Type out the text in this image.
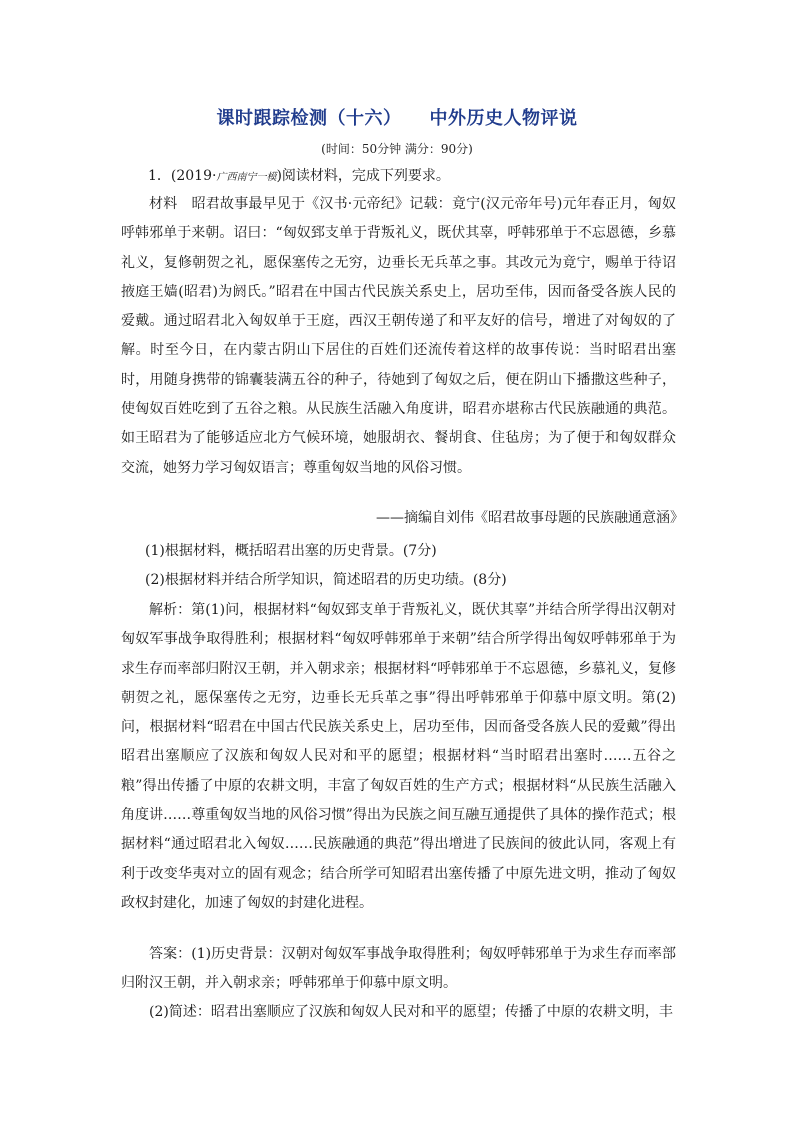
课时跟踪检测（十六） 中外历史人物评说
(时间：50分钟 满分：90分)
1．(2019·广西南宁一模)阅读材料，完成下列要求。

材料　昭君故事最早见于《汉书·元帝纪》记载：竟宁(汉元帝年号)元年春正月，匈奴呼韩邪单于来朝。诏曰：“匈奴郅支单于背叛礼义，既伏其辜，呼韩邪单于不忘恩德，乡慕礼义，复修朝贺之礼，愿保塞传之无穷，边垂长无兵革之事。其改元为竟宁，赐单于待诏掖庭王嫱(昭君)为阏氏。”昭君在中国古代民族关系史上，居功至伟，因而备受各族人民的爱戴。通过昭君北入匈奴单于王庭，西汉王朝传递了和平友好的信号，增进了对匈奴的了解。时至今日，在内蒙古阴山下居住的百姓们还流传着这样的故事传说：当时昭君出塞时，用随身携带的锦囊装满五谷的种子，待她到了匈奴之后，便在阴山下播撒这些种子，使匈奴百姓吃到了五谷之粮。从民族生活融入角度讲，昭君亦堪称古代民族融通的典范。如王昭君为了能够适应北方气候环境，她服胡衣、餐胡食、住毡房；为了便于和匈奴群众交流，她努力学习匈奴语言；尊重匈奴当地的风俗习惯。

——摘编自刘伟《昭君故事母题的民族融通意涵》
(1)根据材料，概括昭君出塞的历史背景。(7分)
(2)根据材料并结合所学知识，简述昭君的历史功绩。(8分)

解析：第(1)问，根据材料“匈奴郅支单于背叛礼义，既伏其辜”并结合所学得出汉朝对匈奴军事战争取得胜利；根据材料“匈奴呼韩邪单于来朝”结合所学得出匈奴呼韩邪单于为求生存而率部归附汉王朝，并入朝求亲；根据材料“呼韩邪单于不忘恩德，乡慕礼义，复修朝贺之礼，愿保塞传之无穷，边垂长无兵革之事”得出呼韩邪单于仰慕中原文明。第(2)问，根据材料“昭君在中国古代民族关系史上，居功至伟，因而备受各族人民的爱戴”得出昭君出塞顺应了汉族和匈奴人民对和平的愿望；根据材料“当时昭君出塞时……五谷之粮”得出传播了中原的农耕文明，丰富了匈奴百姓的生产方式；根据材料“从民族生活融入角度讲……尊重匈奴当地的风俗习惯”得出为民族之间互融互通提供了具体的操作范式；根据材料“通过昭君北入匈奴……民族融通的典范”得出增进了民族间的彼此认同，客观上有利于改变华夷对立的固有观念；结合所学可知昭君出塞传播了中原先进文明，推动了匈奴政权封建化，加速了匈奴的封建化进程。

答案：(1)历史背景：汉朝对匈奴军事战争取得胜利；匈奴呼韩邪单于为求生存而率部归附汉王朝，并入朝求亲；呼韩邪单于仰慕中原文明。

(2)简述：昭君出塞顺应了汉族和匈奴人民对和平的愿望；传播了中原的农耕文明，丰
